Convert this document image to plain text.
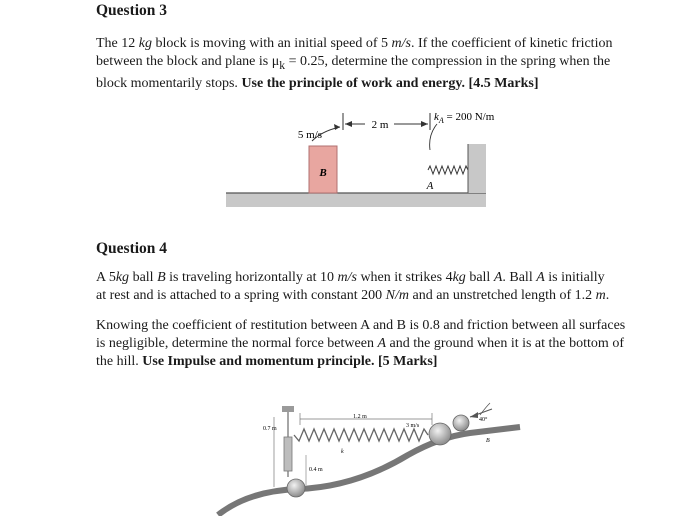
Question 3
The 12 kg block is moving with an initial speed of 5 m/s. If the coefficient of kinetic friction
between the block and plane is $\mu_k = 0.25$, determine the compression in the spring when the
block momentarily stops. Use the principle of work and energy. [4.5 Marks]
B
5 m/s
2 m
$k_A = 200$ N/m
A
Question 4
A 5kg ball B is traveling horizontally at 10 m/s when it strikes 4kg ball A. Ball A is initially
at rest and is attached to a spring with constant 200 N/m and an unstretched length of 1.2 m.
Knowing the coefficient of restitution between A and B is 0.8 and friction between all surfaces
is negligible, determine the normal force between A and the ground when it is at the bottom of
the hill. Use Impulse and momentum principle. [5 Marks]
40°
1.2 m
0.7 m
0.4 m
k
3 m/s
B
